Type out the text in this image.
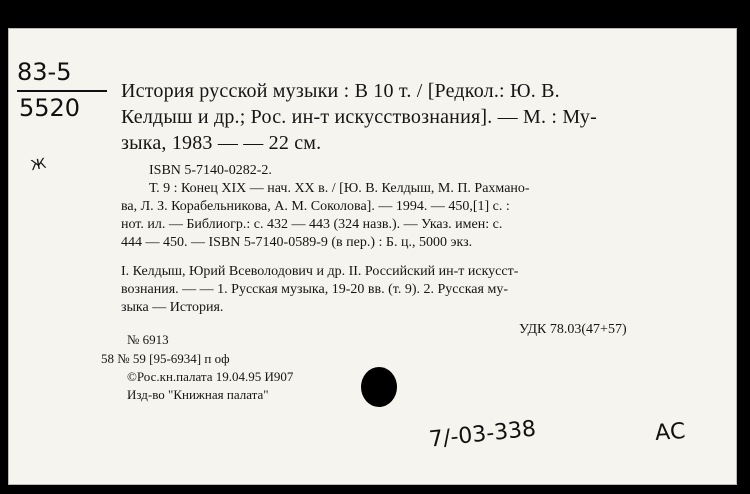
83-5
5520
Ж
История русской музыки : В 10 т. / [Редкол.: Ю. В.
Келдыш и др.; Рос. ин-т искусствознания]. — М. : Му-
зыка, 1983 — — 22 см.
ISBN 5-7140-0282-2.
Т. 9 : Конец XIX — нач. XX в. / [Ю. В. Келдыш, М. П. Рахмано-
ва, Л. З. Корабельникова, А. М. Соколова]. — 1994. — 450,[1] с. :
нот. ил. — Библиогр.: с. 432 — 443 (324 назв.). — Указ. имен: с.
444 — 450. — ISBN 5-7140-0589-9 (в пер.) : Б. ц., 5000 экз.
I. Келдыш, Юрий Всеволодович и др. II. Российский ин-т искусст-
вознания. — — 1. Русская музыка, 19-20 вв. (т. 9). 2. Русская му-
зыка — История.
№ 6913
УДК 78.03(47+57)
58 № 59 [95-6934] п оф
©Рос.кн.палата 19.04.95 И907
Изд-во "Книжная палата"
7/-03-338	АС
